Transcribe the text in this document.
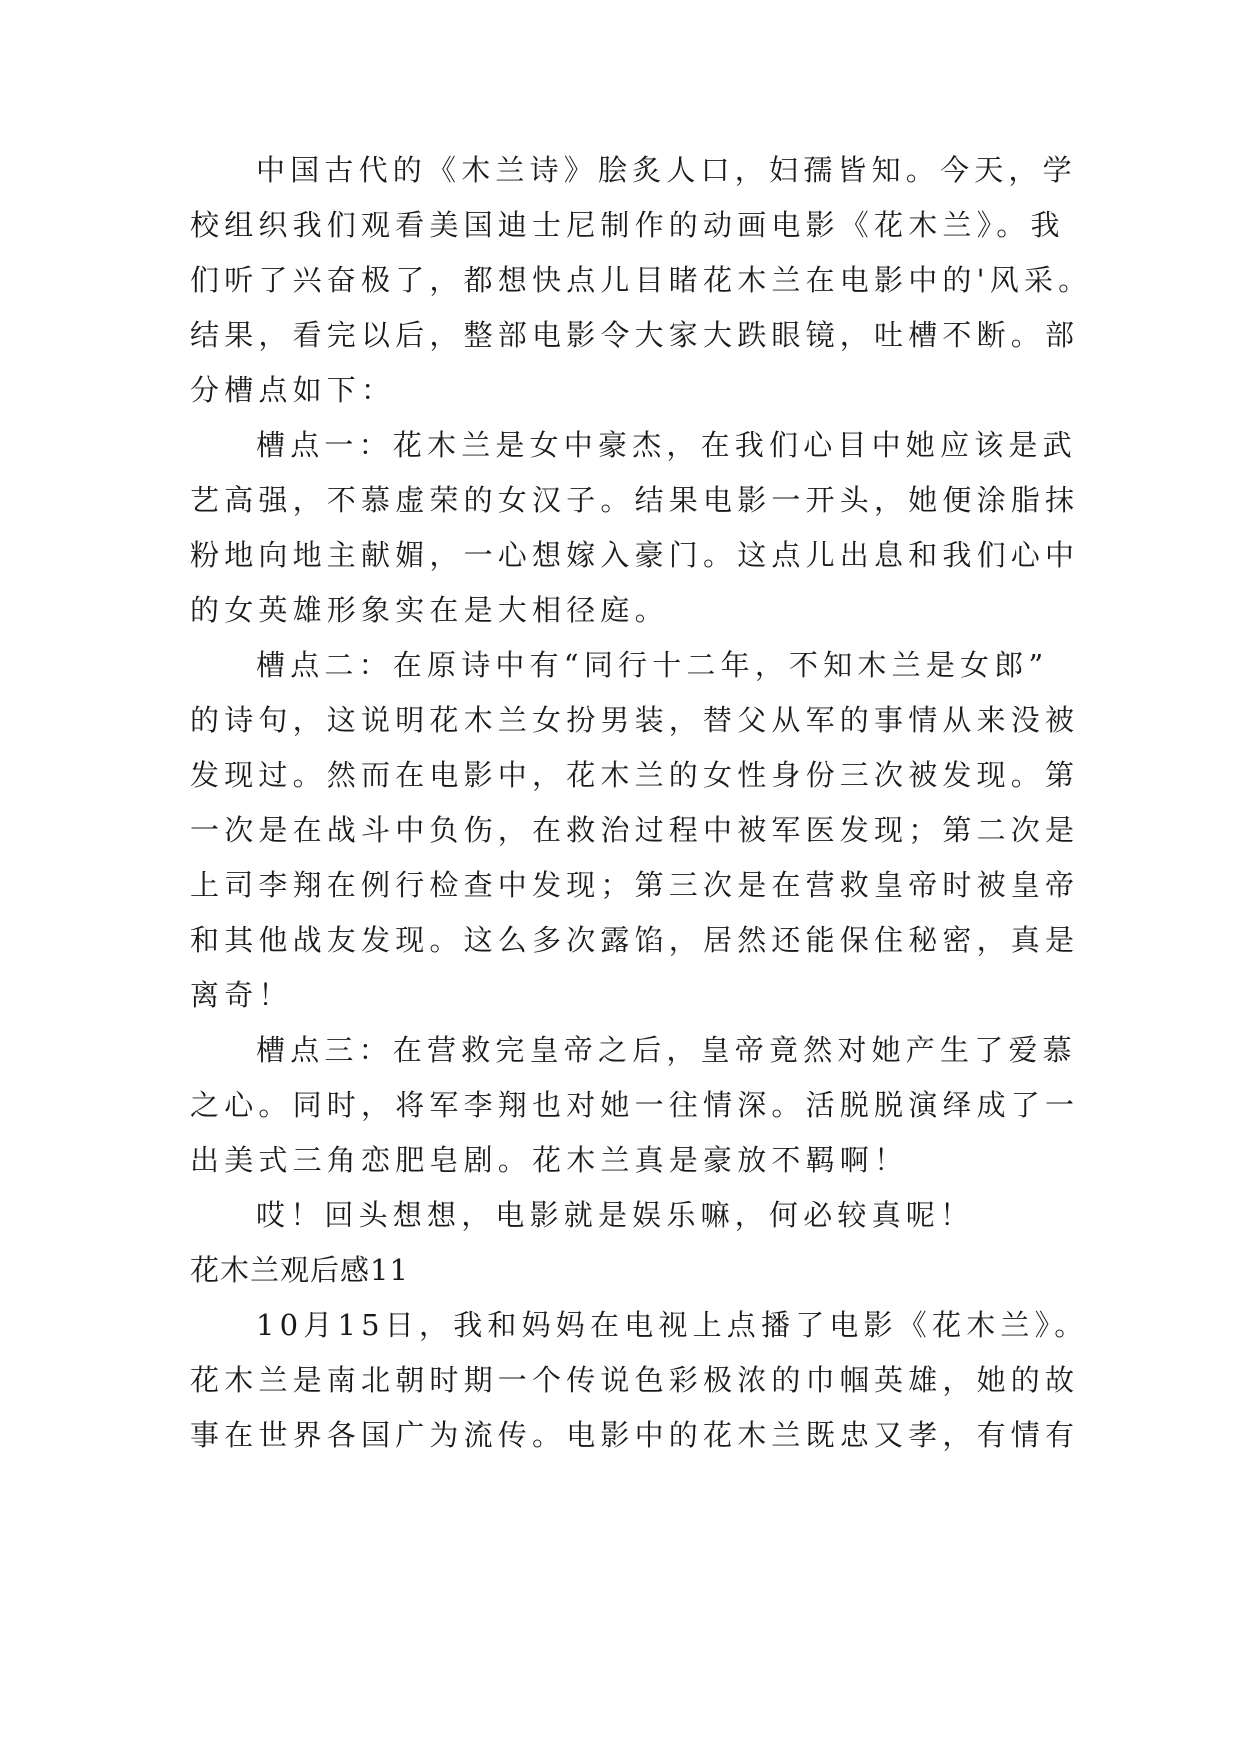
中国古代的《木兰诗》脍炙人口，妇孺皆知。今天，学

校组织我们观看美国迪士尼制作的动画电影《花木兰》。我

们听了兴奋极了，都想快点儿目睹花木兰在电影中的'风采。

结果，看完以后，整部电影令大家大跌眼镜，吐槽不断。部

分槽点如下：

槽点一：花木兰是女中豪杰，在我们心目中她应该是武

艺高强，不慕虚荣的女汉子。结果电影一开头，她便涂脂抹

粉地向地主献媚，一心想嫁入豪门。这点儿出息和我们心中

的女英雄形象实在是大相径庭。

槽点二：在原诗中有“同行十二年，不知木兰是女郎”

的诗句，这说明花木兰女扮男装，替父从军的事情从来没被

发现过。然而在电影中，花木兰的女性身份三次被发现。第

一次是在战斗中负伤，在救治过程中被军医发现；第二次是

上司李翔在例行检查中发现；第三次是在营救皇帝时被皇帝

和其他战友发现。这么多次露馅，居然还能保住秘密，真是

离奇！

槽点三：在营救完皇帝之后，皇帝竟然对她产生了爱慕

之心。同时，将军李翔也对她一往情深。活脱脱演绎成了一

出美式三角恋肥皂剧。花木兰真是豪放不羁啊！

哎！回头想想，电影就是娱乐嘛，何必较真呢！

花木兰观后感11

10月15日，我和妈妈在电视上点播了电影《花木兰》。

花木兰是南北朝时期一个传说色彩极浓的巾帼英雄，她的故

事在世界各国广为流传。电影中的花木兰既忠又孝，有情有
